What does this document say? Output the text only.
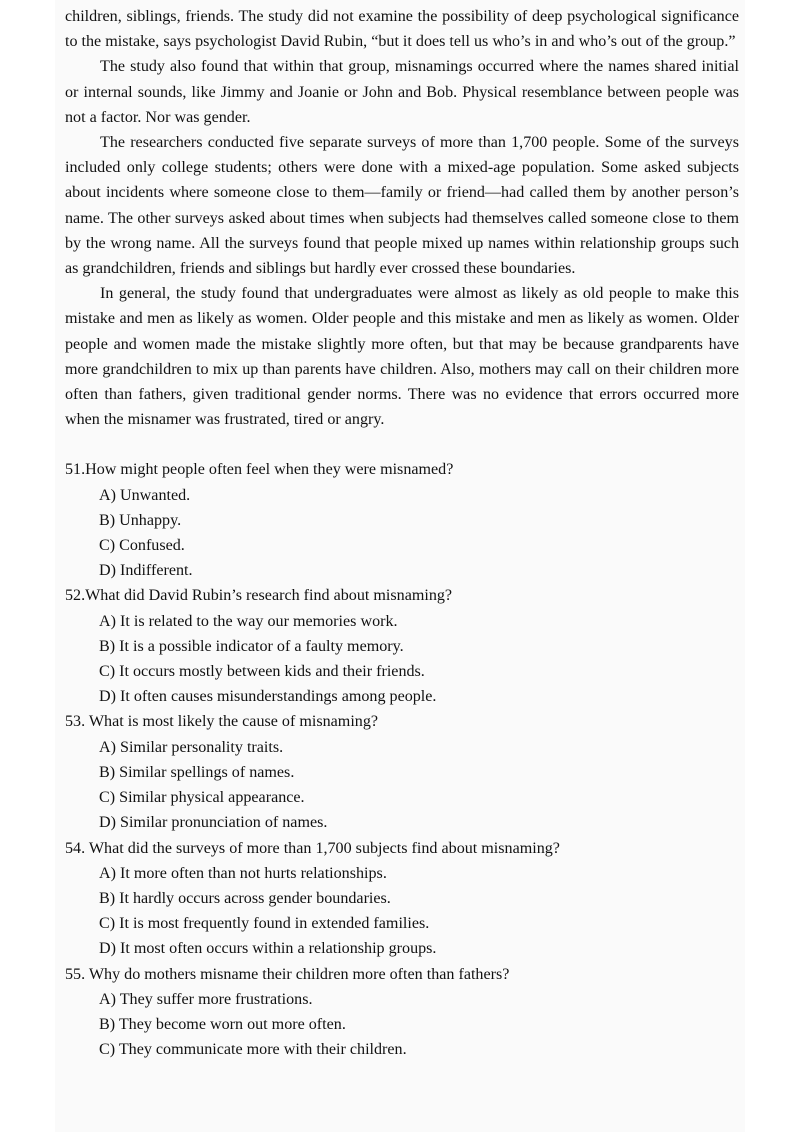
children, siblings, friends. The study did not examine the possibility of deep psychological significance to the mistake, says psychologist David Rubin, “but it does tell us who’s in and who’s out of the group.”

The study also found that within that group, misnamings occurred where the names shared initial or internal sounds, like Jimmy and Joanie or John and Bob. Physical resemblance between people was not a factor. Nor was gender.

The researchers conducted five separate surveys of more than 1,700 people. Some of the surveys included only college students; others were done with a mixed-age population. Some asked subjects about incidents where someone close to them—family or friend—had called them by another person’s name. The other surveys asked about times when subjects had themselves called someone close to them by the wrong name. All the surveys found that people mixed up names within relationship groups such as grandchildren, friends and siblings but hardly ever crossed these boundaries.

In general, the study found that undergraduates were almost as likely as old people to make this mistake and men as likely as women. Older people and this mistake and men as likely as women. Older people and women made the mistake slightly more often, but that may be because grandparents have more grandchildren to mix up than parents have children. Also, mothers may call on their children more often than fathers, given traditional gender norms. There was no evidence that errors occurred more when the misnamer was frustrated, tired or angry.

51.How might people often feel when they were misnamed?

A) Unwanted.
B) Unhappy.
C) Confused.
D) Indifferent.

52.What did David Rubin’s research find about misnaming?

A) It is related to the way our memories work.
B) It is a possible indicator of a faulty memory.
C) It occurs mostly between kids and their friends.
D) It often causes misunderstandings among people.

53. What is most likely the cause of misnaming?

A) Similar personality traits.
B) Similar spellings of names.
C) Similar physical appearance.
D) Similar pronunciation of names.

54. What did the surveys of more than 1,700 subjects find about misnaming?

A) It more often than not hurts relationships.
B) It hardly occurs across gender boundaries.
C) It is most frequently found in extended families.
D) It most often occurs within a relationship groups.

55. Why do mothers misname their children more often than fathers?

A) They suffer more frustrations.
B) They become worn out more often.
C) They communicate more with their children.
